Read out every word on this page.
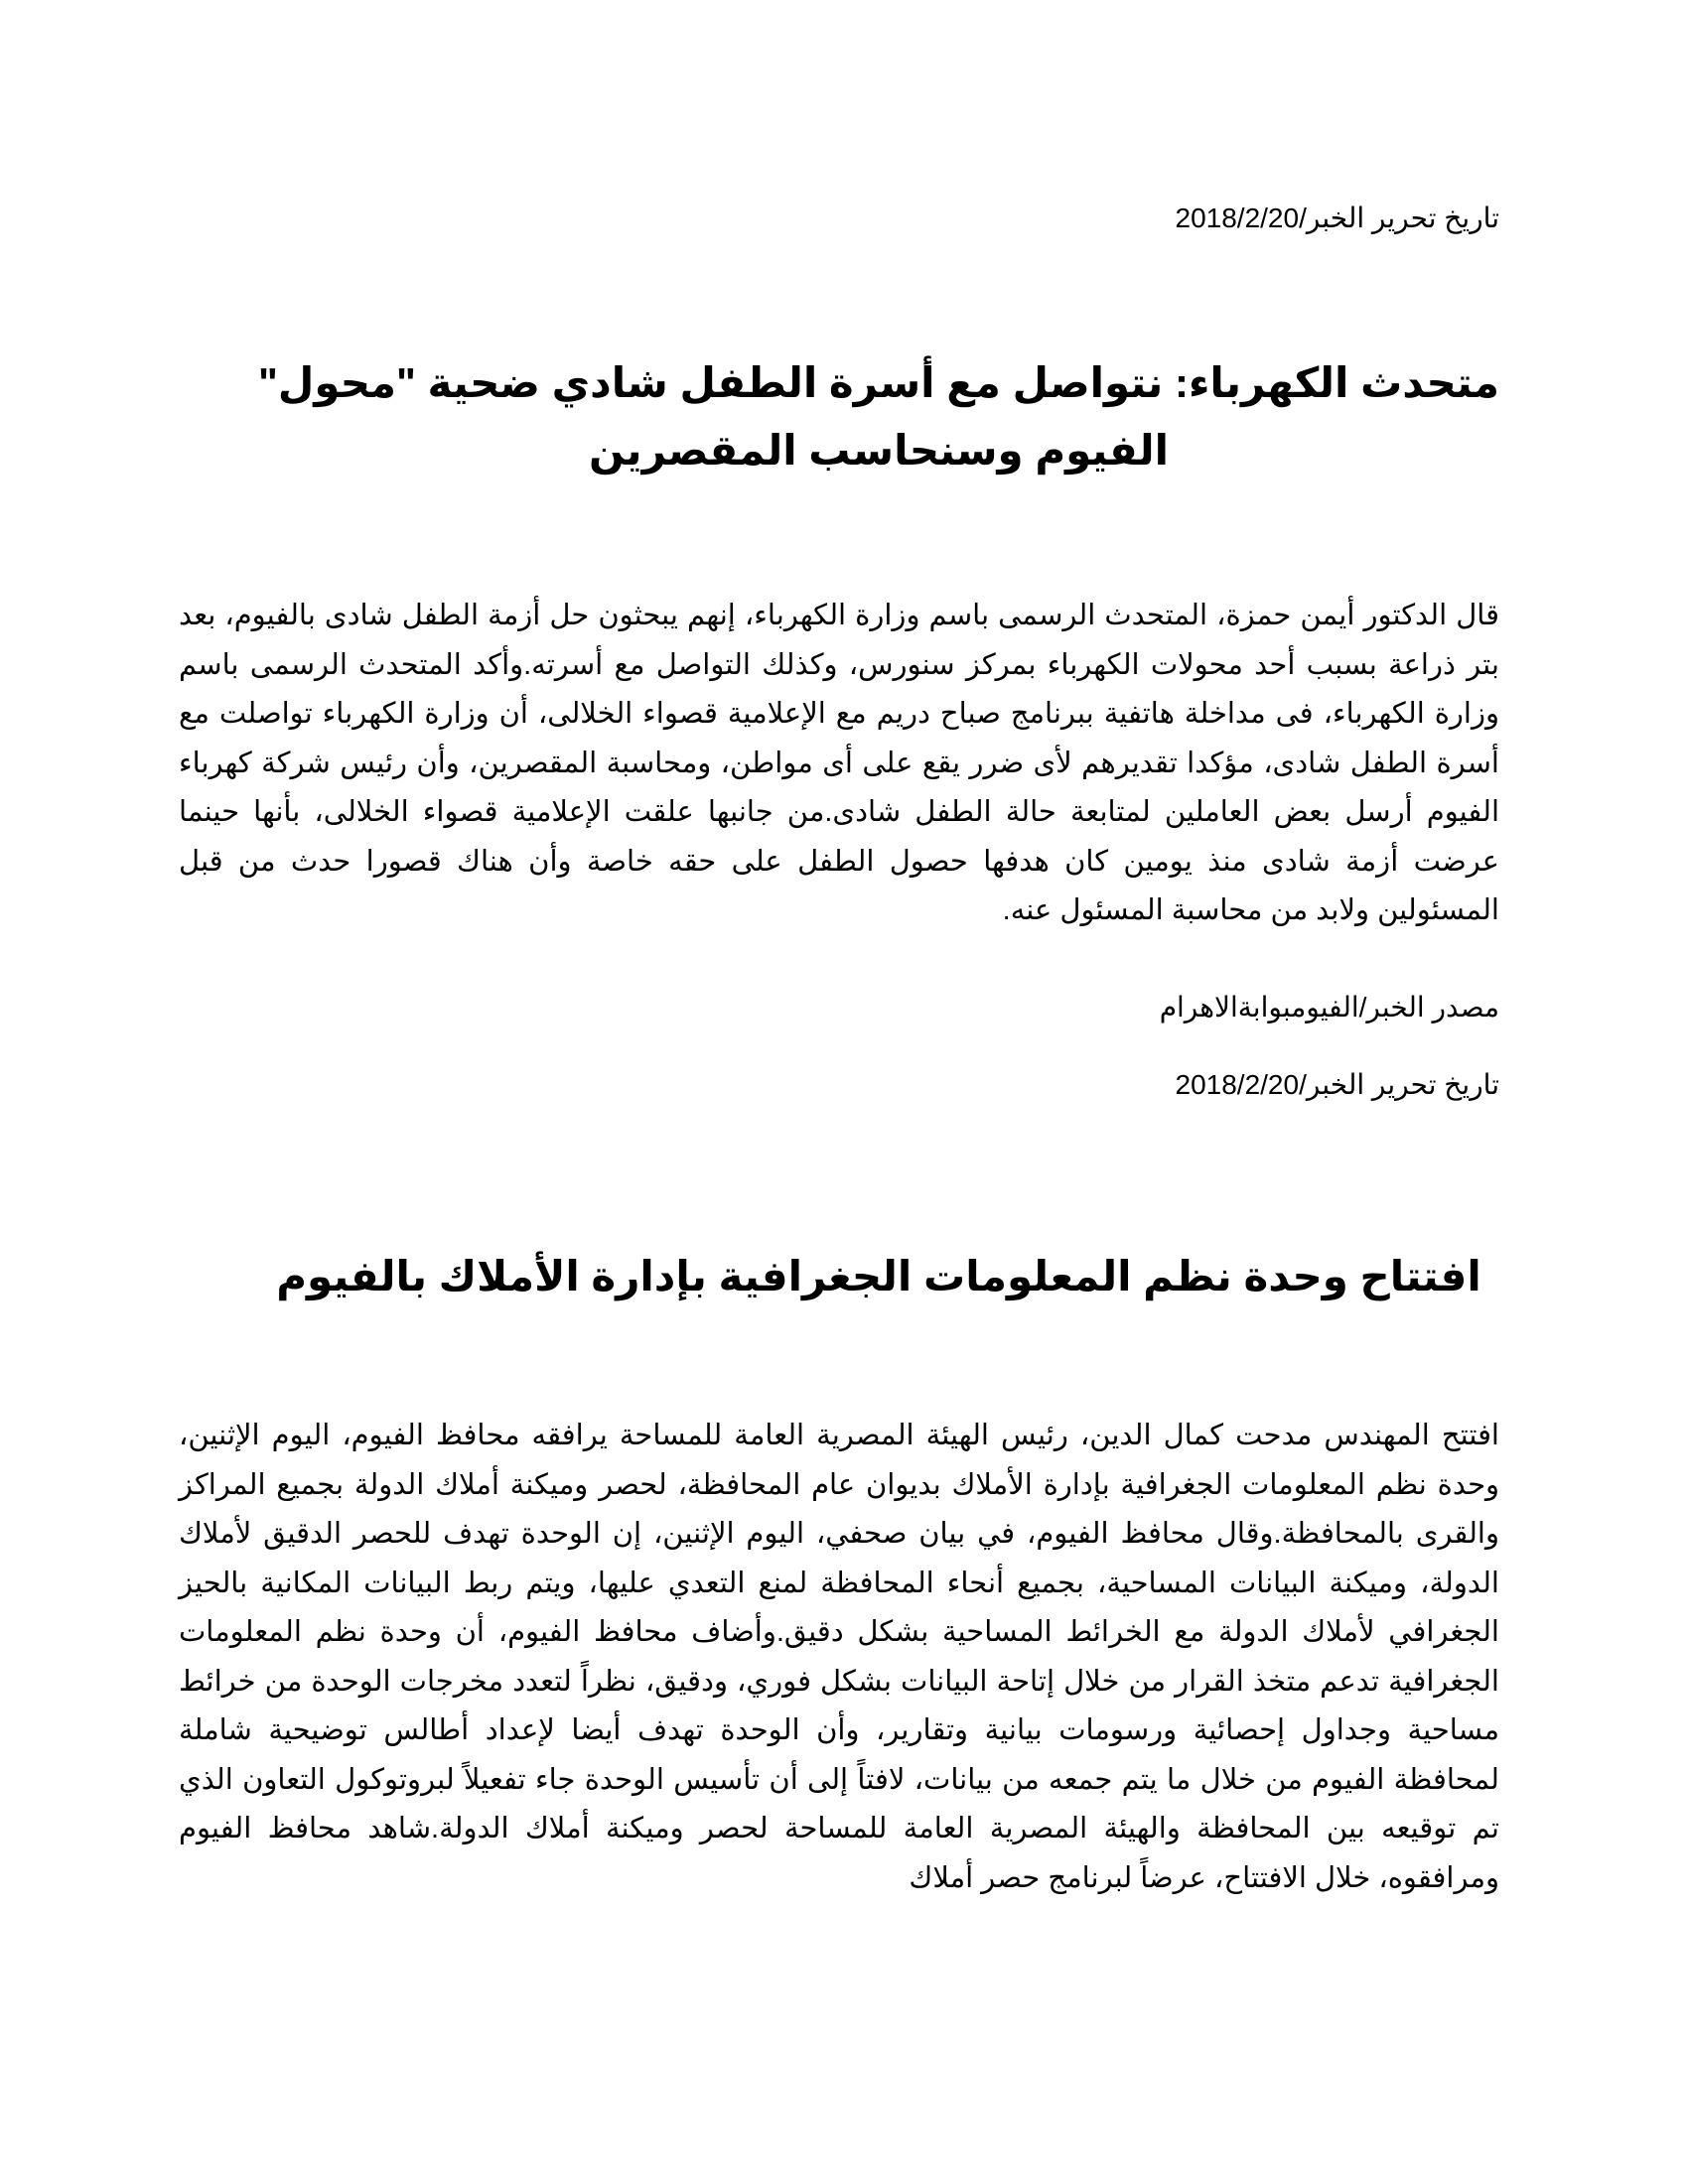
تاريخ تحرير الخبر/2018/2/20
متحدث الكهرباء: نتواصل مع أسرة الطفل شادي ضحية "محول" الفيوم وسنحاسب المقصرين

قال الدكتور أيمن حمزة، المتحدث الرسمى باسم وزارة الكهرباء، إنهم يبحثون حل أزمة الطفل شادى بالفيوم، بعد بتر ذراعة بسبب أحد محولات الكهرباء بمركز سنورس، وكذلك التواصل مع أسرته.وأكد المتحدث الرسمى باسم وزارة الكهرباء، فى مداخلة هاتفية ببرنامج صباح دريم مع الإعلامية قصواء الخلالى، أن وزارة الكهرباء تواصلت مع أسرة الطفل شادى، مؤكدا تقديرهم لأى ضرر يقع على أى مواطن، ومحاسبة المقصرين، وأن رئيس شركة كهرباء الفيوم أرسل بعض العاملين لمتابعة حالة الطفل شادى.من جانبها علقت الإعلامية قصواء الخلالى، بأنها حينما عرضت أزمة شادى منذ يومين كان هدفها حصول الطفل على حقه خاصة وأن هناك قصورا حدث من قبل المسئولين ولابد من محاسبة المسئول عنه.

مصدر الخبر/الفيومبوابةالاهرام
تاريخ تحرير الخبر/2018/2/20
افتتاح وحدة نظم المعلومات الجغرافية بإدارة الأملاك بالفيوم

افتتح المهندس مدحت كمال الدين، رئيس الهيئة المصرية العامة للمساحة يرافقه محافظ الفيوم، اليوم الإثنين، وحدة نظم المعلومات الجغرافية بإدارة الأملاك بديوان عام المحافظة، لحصر وميكنة أملاك الدولة بجميع المراكز والقرى بالمحافظة.وقال محافظ الفيوم، في بيان صحفي، اليوم الإثنين، إن الوحدة تهدف للحصر الدقيق لأملاك الدولة، وميكنة البيانات المساحية، بجميع أنحاء المحافظة لمنع التعدي عليها، ويتم ربط البيانات المكانية بالحيز الجغرافي لأملاك الدولة مع الخرائط المساحية بشكل دقيق.وأضاف محافظ الفيوم، أن وحدة نظم المعلومات الجغرافية تدعم متخذ القرار من خلال إتاحة البيانات بشكل فوري، ودقيق، نظراً لتعدد مخرجات الوحدة من خرائط مساحية وجداول إحصائية ورسومات بيانية وتقارير، وأن الوحدة تهدف أيضا لإعداد أطالس توضيحية شاملة لمحافظة الفيوم من خلال ما يتم جمعه من بيانات، لافتاً إلى أن تأسيس الوحدة جاء تفعيلاً لبروتوكول التعاون الذي تم توقيعه بين المحافظة والهيئة المصرية العامة للمساحة لحصر وميكنة أملاك الدولة.شاهد محافظ الفيوم ومرافقوه، خلال الافتتاح، عرضاً لبرنامج حصر أملاك
